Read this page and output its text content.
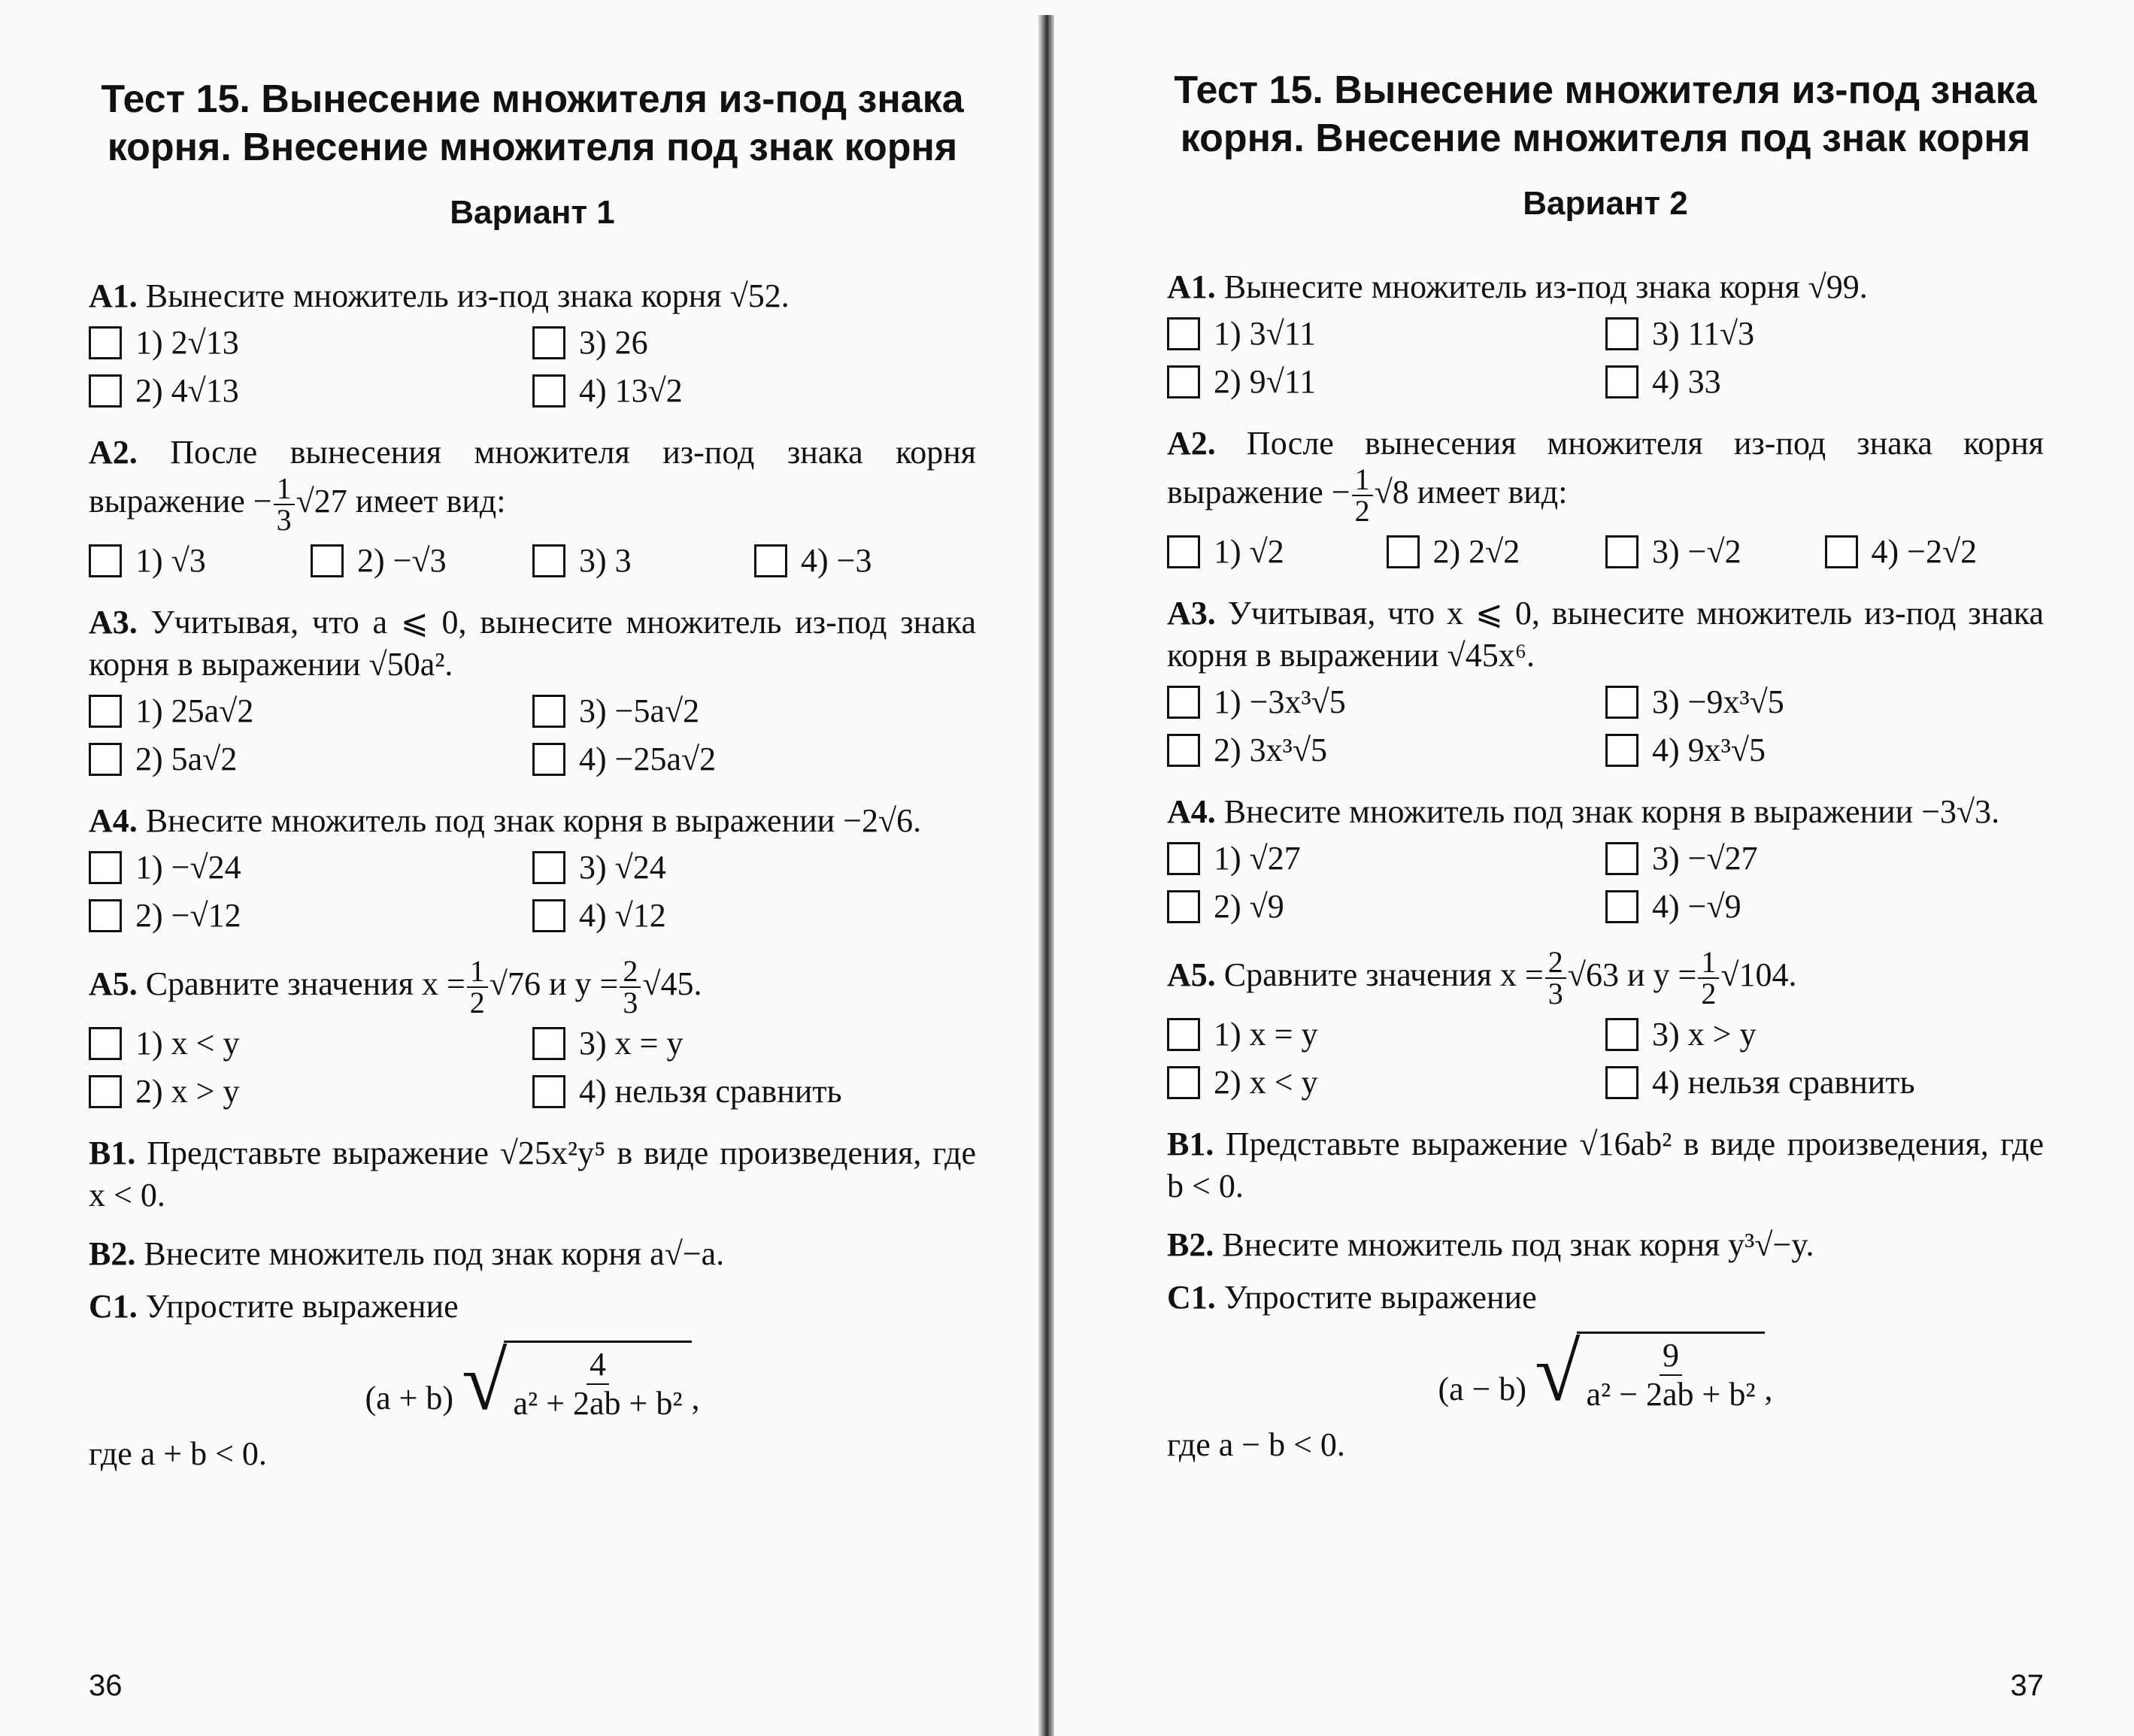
Тест 15. Вынесение множителя из-под знака корня. Внесение множителя под знак корня

Вариант 1

А1. Вынесите множитель из-под знака корня √52.

1) 2√13	3) 26
2) 4√13	4) 13√2

А2. После вынесения множителя из-под знака корня выражение − $\frac{1}{3} √27$ имеет вид:

1) √3	2) −√3	3) 3	4) −3

А3. Учитывая, что a ⩽ 0, вынесите множитель из-под знака корня в выражении √50a².

1) 25a√2	3) −5a√2
2) 5a√2	4) −25a√2

А4. Внесите множитель под знак корня в выражении −2√6.

1) −√24	3) √24
2) −√12	4) √12

А5. Сравните значения $x = \frac{1}{2} √76$ и $y = \frac{2}{3} √45$.

1) x < y	3) x = y
2) x > y	4) нельзя сравнить

В1. Представьте выражение √25x²y⁵ в виде произведения, где x < 0.

В2. Внесите множитель под знак корня a√−a.

С1. Упростите выражение

(a + b) √ $\frac{4}{\text{a² + 2ab + b²}}$ ,

где a + b < 0.

36

Тест 15. Вынесение множителя из-под знака корня. Внесение множителя под знак корня

Вариант 2

А1. Вынесите множитель из-под знака корня √99.

1) 3√11	3) 11√3
2) 9√11	4) 33

А2. После вынесения множителя из-под знака корня выражение − $\frac{1}{2} √8$ имеет вид:

1) √2	2) 2√2	3) −√2	4) −2√2

А3. Учитывая, что x ⩽ 0, вынесите множитель из-под знака корня в выражении √45x⁶.

1) −3x³√5	3) −9x³√5
2) 3x³√5	4) 9x³√5

А4. Внесите множитель под знак корня в выражении −3√3.

1) √27	3) −√27
2) √9	4) −√9

А5. Сравните значения $x = \frac{2}{3} √63$ и $y = \frac{1}{2} √104$.

1) x = y	3) x > y
2) x < y	4) нельзя сравнить

В1. Представьте выражение √16ab² в виде произведения, где b < 0.

В2. Внесите множитель под знак корня y³√−y.

С1. Упростите выражение

(a − b) √ $\frac{9}{\text{a² − 2ab + b²}}$ ,

где a − b < 0.

37
